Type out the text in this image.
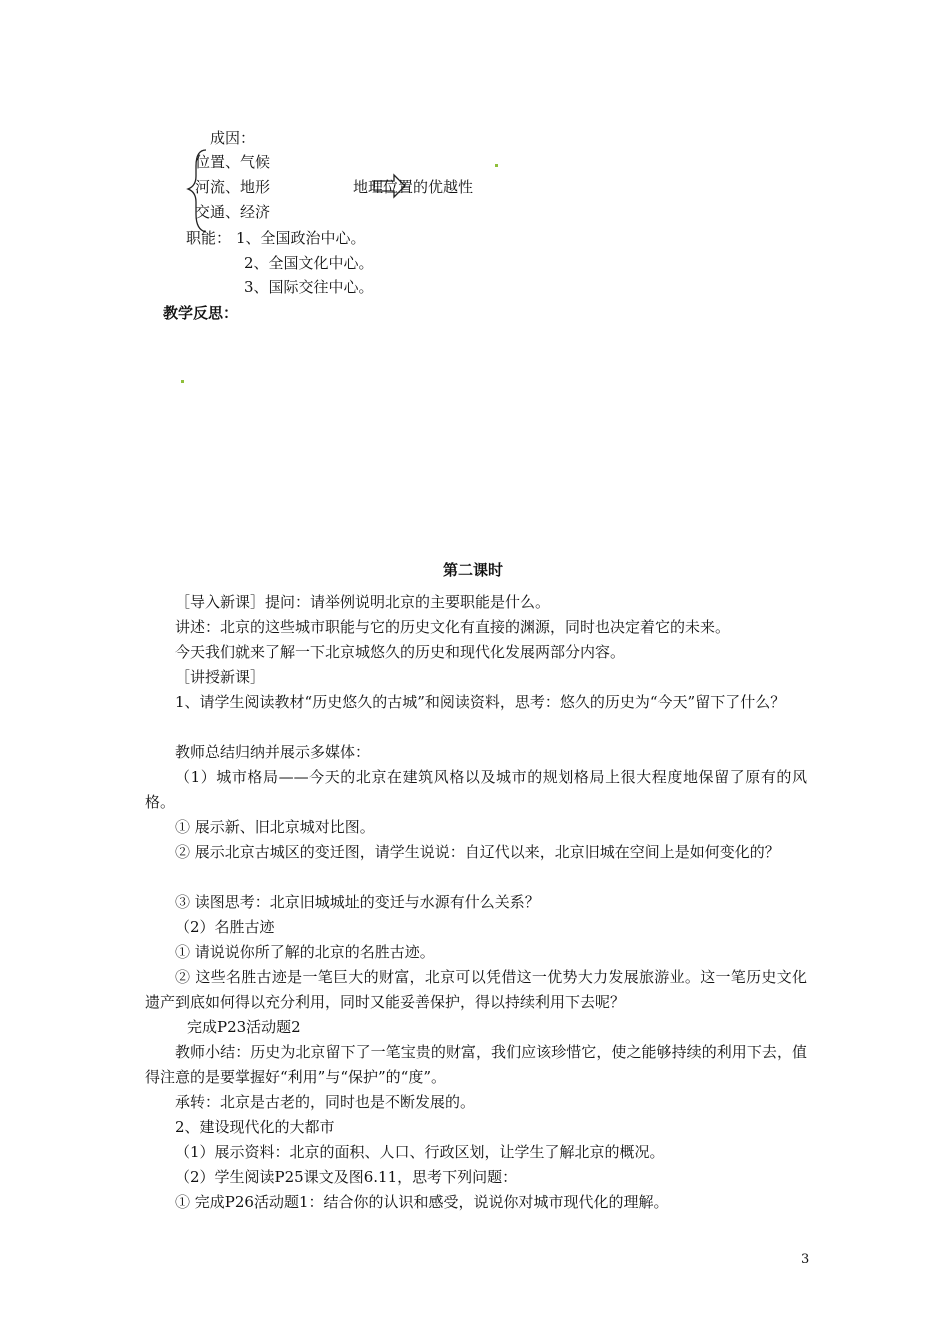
成因：
位置、气候
河流、地形
交通、经济
地理位置的优越性
职能： 1、全国政治中心。
2、全国文化中心。
3、国际交往中心。
教学反思：
第二课时
［导入新课］提问：请举例说明北京的主要职能是什么。
讲述：北京的这些城市职能与它的历史文化有直接的渊源，同时也决定着它的未来。
今天我们就来了解一下北京城悠久的历史和现代化发展两部分内容。
［讲授新课］
1、请学生阅读教材“历史悠久的古城”和阅读资料，思考：悠久的历史为“今天”留下了什么？
教师总结归纳并展示多媒体：
（1）城市格局——今天的北京在建筑风格以及城市的规划格局上很大程度地保留了原有的风格。
① 展示新、旧北京城对比图。
② 展示北京古城区的变迁图，请学生说说：自辽代以来，北京旧城在空间上是如何变化的？
③ 读图思考：北京旧城城址的变迁与水源有什么关系？
（2）名胜古迹
① 请说说你所了解的北京的名胜古迹。
② 这些名胜古迹是一笔巨大的财富，北京可以凭借这一优势大力发展旅游业。这一笔历史文化遗产到底如何得以充分利用，同时又能妥善保护，得以持续利用下去呢？
完成P23活动题2
教师小结：历史为北京留下了一笔宝贵的财富，我们应该珍惜它，使之能够持续的利用下去，值得注意的是要掌握好“利用”与“保护”的“度”。
承转：北京是古老的，同时也是不断发展的。
2、建设现代化的大都市
（1）展示资料：北京的面积、人口、行政区划，让学生了解北京的概况。
（2）学生阅读P25课文及图6.11，思考下列问题：
① 完成P26活动题1：结合你的认识和感受，说说你对城市现代化的理解。
3
